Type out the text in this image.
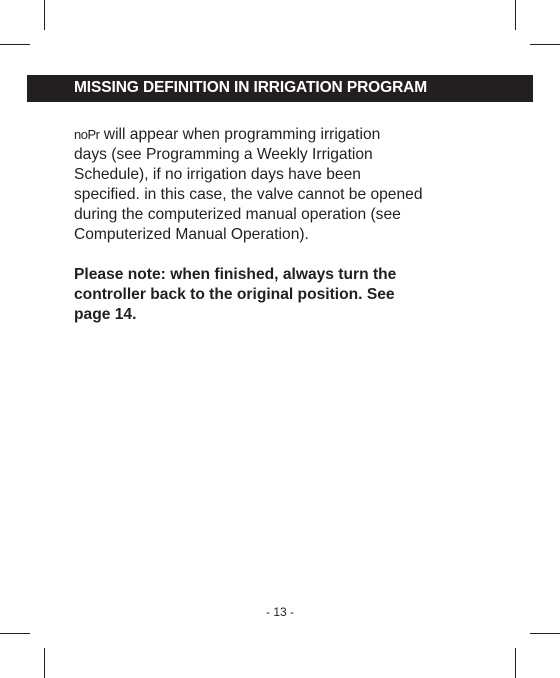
MISSING DEFINITION IN IRRIGATION PROGRAM

noPr will appear when programming irrigation

days (see Programming a Weekly Irrigation

Schedule), if no irrigation days have been

specified. in this case, the valve cannot be opened

during the computerized manual operation (see

Computerized Manual Operation).

Please note: when finished, always turn the

controller back to the original position. See

page 14.

- 13 -
